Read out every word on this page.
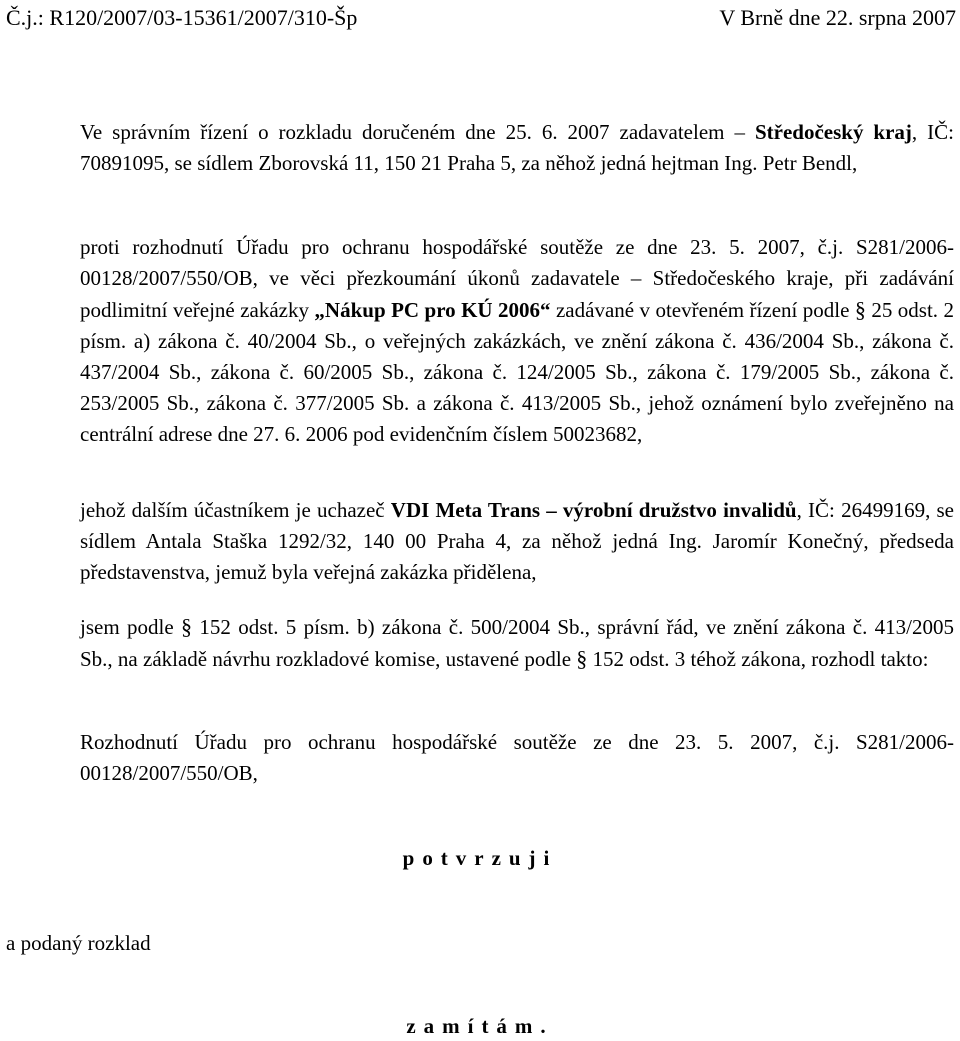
Č.j.: R120/2007/03-15361/2007/310-Šp	V Brně dne 22. srpna 2007
Ve správním řízení o rozkladu doručeném dne 25. 6. 2007 zadavatelem – Středočeský kraj, IČ: 70891095, se sídlem Zborovská 11, 150 21 Praha 5, za něhož jedná hejtman Ing. Petr Bendl,
proti rozhodnutí Úřadu pro ochranu hospodářské soutěže ze dne 23. 5. 2007, č.j. S281/2006-00128/2007/550/OB, ve věci přezkoumání úkonů zadavatele – Středočeského kraje, při zadávání podlimitní veřejné zakázky „Nákup PC pro KÚ 2006“ zadávané v otevřeném řízení podle § 25 odst. 2 písm. a) zákona č. 40/2004 Sb., o veřejných zakázkách, ve znění zákona č. 436/2004 Sb., zákona č. 437/2004 Sb., zákona č. 60/2005 Sb., zákona č. 124/2005 Sb., zákona č. 179/2005 Sb., zákona č. 253/2005 Sb., zákona č. 377/2005 Sb. a zákona č. 413/2005 Sb., jehož oznámení bylo zveřejněno na centrální adrese dne 27. 6. 2006 pod evidenčním číslem 50023682,
jehož dalším účastníkem je uchazeč VDI Meta Trans – výrobní družstvo invalidů, IČ: 26499169, se sídlem Antala Staška 1292/32, 140 00 Praha 4, za něhož jedná Ing. Jaromír Konečný, předseda představenstva, jemuž byla veřejná zakázka přidělena,
jsem podle § 152 odst. 5 písm. b) zákona č. 500/2004 Sb., správní řád, ve znění zákona č. 413/2005 Sb., na základě návrhu rozkladové komise, ustavené podle § 152 odst. 3 téhož zákona, rozhodl takto:
Rozhodnutí Úřadu pro ochranu hospodářské soutěže ze dne 23. 5. 2007, č.j. S281/2006-00128/2007/550/OB,
potvrzuji
a podaný rozklad
zamítám.
